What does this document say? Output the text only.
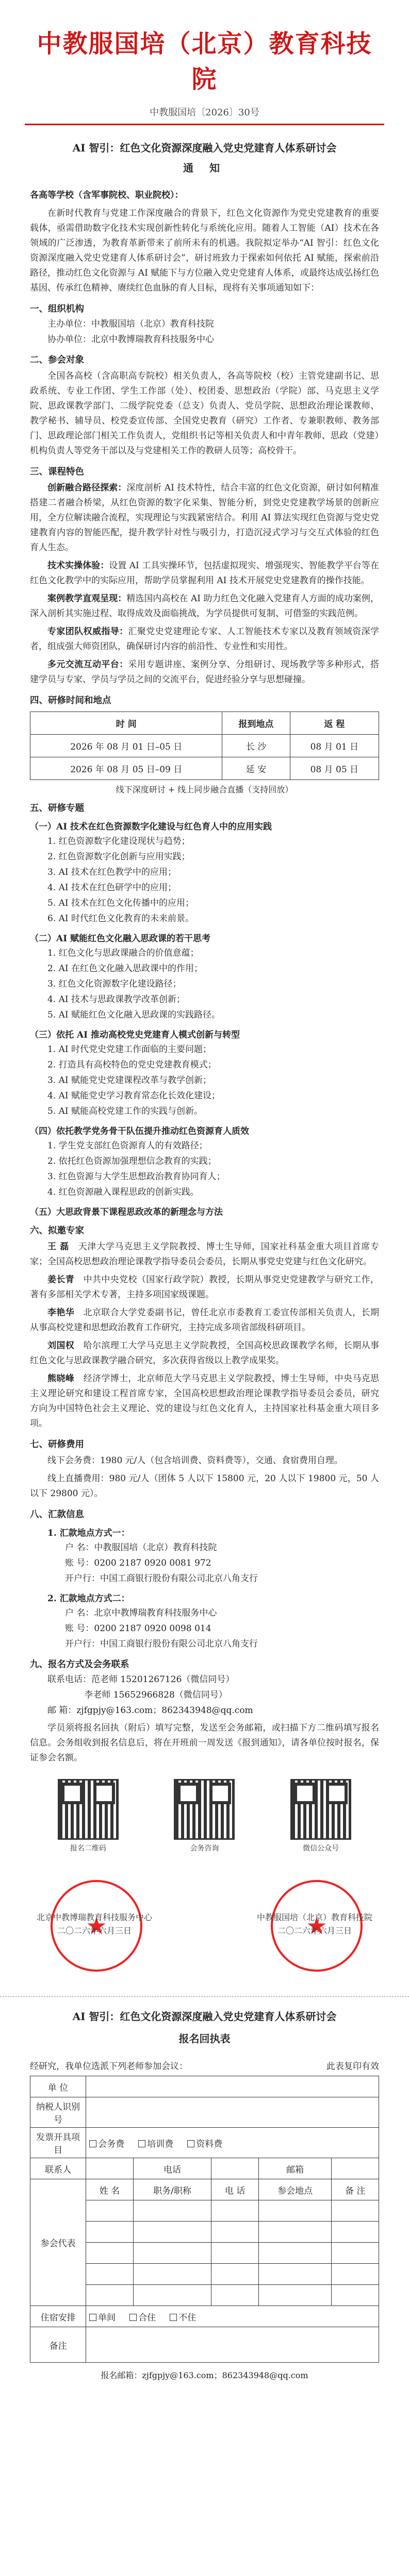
中教服国培（北京）教育科技院
中教服国培〔2026〕30号
AI 智引：红色文化资源深度融入党史党建育人体系研讨会
通 知
各高等学校（含军事院校、职业院校）：
在新时代教育与党建工作深度融合的背景下，红色文化资源作为党史党建教育的重要载体，亟需借助数字化技术实现创新性转化与系统化应用。随着人工智能（AI）技术在各领域的广泛渗透，为教育革新带来了前所未有的机遇。我院拟定举办“AI 智引：红色文化资源深度融入党史党建育人体系研讨会”，研讨班致力于探索如何依托 AI 赋能，探索前沿路径，推动红色文化资源与 AI 赋能下与方位融入党史党建育人体系，或最终达成弘扬红色基因、传承红色精神、赓续红色血脉的育人目标，现将有关事项通知如下：
一、组织机构
主办单位：中教服国培（北京）教育科技院
协办单位：北京中教博瑞教育科技服务中心
二、参会对象
全国各高校（含高职高专院校）相关负责人，各高等院校（校）主管党建副书记、思政系统、专业工作团、学生工作部（处）、校团委、思想政治（学院）部、马克思主义学院、思政课教学部门、二级学院党委（总支）负责人、党员学院、思想政治理论课教师、教学秘书、辅导员、校党委宣传部、全国党史教育（研究）工作者、专兼职教师、教务部门、思政理论部门相关工作负责人，党组织书记等相关负责人和中青年教师、思政（党建）机构负责人等党务干部以及与党建相关工作的教研人员等；高校骨干。
三、课程特色
创新融合路径探索：深度剖析 AI 技术特性，结合丰富的红色文化资源，研讨如何精准搭建二者融合桥梁，从红色资源的数字化采集、智能分析，到党史党建教学场景的创新应用，全方位解读融合流程，实现理论与实践紧密结合。利用 AI 算法实现红色资源与党史党建教育内容的智能匹配，提升教学针对性与吸引力，打造沉浸式学习与交互式体验的红色育人生态。
技术实操体验：设置 AI 工具实操环节，包括虚拟现实、增强现实、智能教学平台等在红色文化教学中的实际应用，帮助学员掌握利用 AI 技术开展党史党建教育的操作技能。
案例教学直观呈现：精选国内高校在 AI 助力红色文化融入党建育人方面的成功案例，深入剖析其实施过程、取得成效及面临挑战，为学员提供可复制、可借鉴的实践范例。
专家团队权威指导：汇聚党史党建理论专家、人工智能技术专家以及教育领域资深学者，组成强大师资团队，确保研讨内容的前沿性、专业性和实用性。
多元交流互动平台：采用专题讲座、案例分享、分组研讨、现场教学等多种形式，搭建学员与专家、学员与学员之间的交流平台，促进经验分享与思想碰撞。
四、研修时间和地点
时 间	报到地点	返 程
2026 年 08 月 01 日–05 日	长 沙	08 月 01 日
2026 年 08 月 05 日–09 日	延 安	08 月 05 日
线下深度研讨 + 线上同步融合直播（支持回放）
五、研修专题
（一）AI 技术在红色资源数字化建设与红色育人中的应用实践
1. 红色资源数字化建设现状与趋势；
2. 红色资源数字化创新与应用实践；
3. AI 技术在红色教学中的应用；
4. AI 技术在红色研学中的应用；
5. AI 技术在红色文化传播中的应用；
6. AI 时代红色文化教育的未来前景。
（二）AI 赋能红色文化融入思政课的若干思考
1. 红色文化与思政课融合的价值意蕴；
2. AI 在红色文化融入思政课中的作用；
3. 红色文化资源数字化建设路径；
4. AI 技术与思政课教学改革创新；
5. AI 赋能红色文化融入思政课的实践路径。
（三）依托 AI 推动高校党史党建育人模式创新与转型
1. AI 时代党史党建工作面临的主要问题；
2. 打造具有高校特色的党史党建教育模式；
3. AI 赋能党史党建课程改革与教学创新；
4. AI 赋能党史学习教育常态化长效化建设；
5. AI 赋能高校党建工作的实践与创新。
（四）依托教学党务骨干队伍提升推动红色资源育人质效
1. 学生党支部红色资源育人的有效路径；
2. 依托红色资源加强理想信念教育的实践；
3. 红色资源与大学生思想政治教育协同育人；
4. 红色资源融入课程思政的创新实践。
（五）大思政背景下课程思政改革的新理念与方法
六、拟邀专家
王 磊　 天津大学马克思主义学院教授、博士生导师，国家社科基金重大项目首席专家；全国高校思想政治理论课教学指导委员会委员，长期从事党史党建与红色文化研究。
姜长青　 中共中央党校（国家行政学院）教授，长期从事党史党建教学与研究工作，著有多部相关学术专著，主持多项国家级课题。
李艳华　 北京联合大学党委副书记，曾任北京市委教育工委宣传部相关负责人，长期从事高校党建和思想政治教育工作研究，主持完成多项省部级科研项目。
刘国权　 哈尔滨理工大学马克思主义学院教授，全国高校思政课教学名师，长期从事红色文化与思政课教学融合研究，多次获得省级以上教学成果奖。
熊晓峰　 经济学博士，北京师范大学马克思主义学院教授、博士生导师，中央马克思主义理论研究和建设工程首席专家，全国高校思想政治理论课教学指导委员会委员，研究方向为中国特色社会主义理论、党的建设与红色文化育人，主持国家社科基金重大项目多项。
七、研修费用
线下会务费：1980 元/人（包含培训费、资料费等），交通、食宿费用自理。
线上直播费用：980 元/人（团体 5 人以下 15800 元，20 人以下 19800 元，50 人以下 29800 元）。
八、汇款信息
1. 汇款地点方式一：
户 名：中教服国培（北京）教育科技院
账 号：0200 2187 0920 0081 972
开户行：中国工商银行股份有限公司北京八角支行
2. 汇款地点方式二：
户 名：北京中教博瑞教育科技服务中心
账 号：0200 2187 0920 0098 014
开户行：中国工商银行股份有限公司北京八角支行
九、报名方式及会务联系
联系电话：范老师 15201267126（微信同号）
李老师 15652966828（微信同号）
邮 箱：zjfgpjy@163.com；862343948@qq.com
学员须将报名回执（附后）填写完整，发送至会务邮箱，或扫描下方二维码填写报名信息。会务组收到报名信息后，将在开班前一周发送《报到通知》，请各单位按时报名，保证参会名额。
报名二维码	会务咨询	微信公众号
★
北京中教博瑞教育科技服务中心
二〇二六年六月三日
★
中教服国培（北京）教育科技院
二〇二六年六月三日
AI 智引：红色文化资源深度融入党史党建育人体系研讨会
报名回执表
经研究，我单位选派下列老师参加会议：	此表复印有效
单 位					
纳税人识别号					
发票开具项目	会务费 培训费 资料费				
联系人		电话		邮箱	
参会代表	姓 名	职务/职称	电 话	参会地点	备 注

住宿安排	单间 合住 不住				
备注					
报名邮箱：zjfgpjy@163.com；862343948@qq.com
